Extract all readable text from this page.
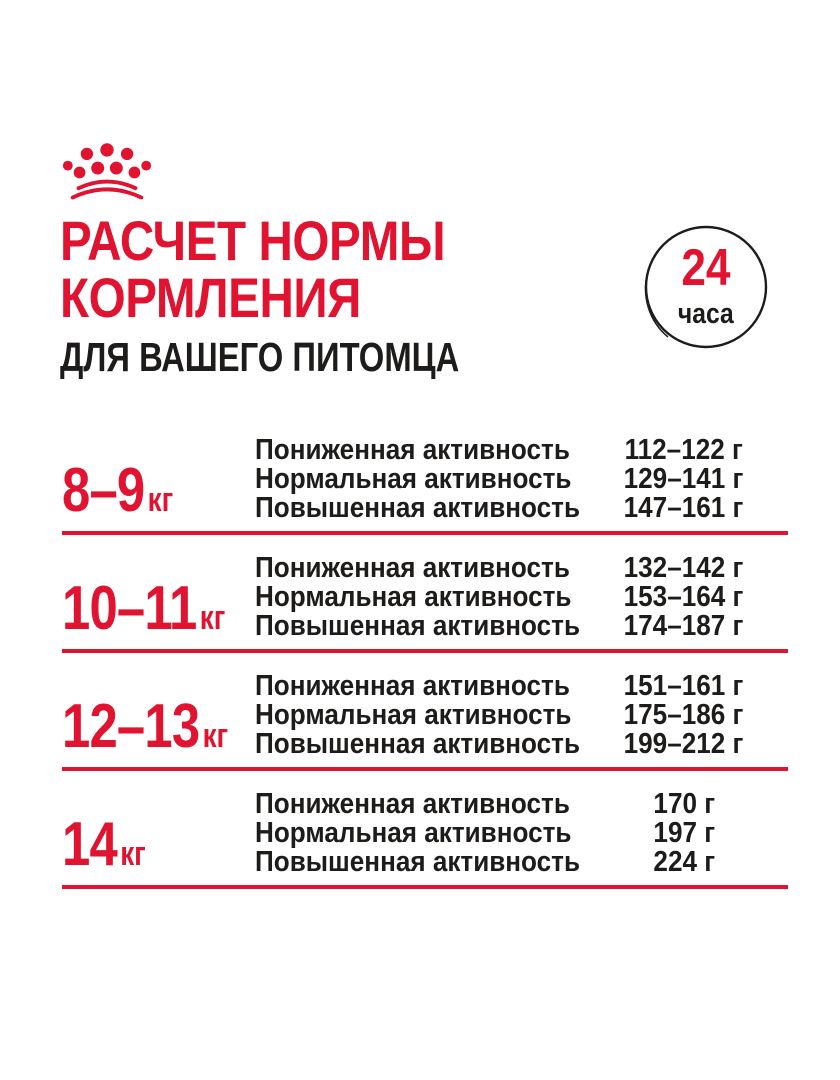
РАСЧЕТ НОРМЫ
КОРМЛЕНИЯ
ДЛЯ ВАШЕГО ПИТОМЦА
24
часа
8–9кг
Пониженная активность
Нормальная активность
Повышенная активность
112–122 г
129–141 г
147–161 г
10–11кг
Пониженная активность
Нормальная активность
Повышенная активность
132–142 г
153–164 г
174–187 г
12–13кг
Пониженная активность
Нормальная активность
Повышенная активность
151–161 г
175–186 г
199–212 г
14кг
Пониженная активность
Нормальная активность
Повышенная активность
170 г
197 г
224 г
